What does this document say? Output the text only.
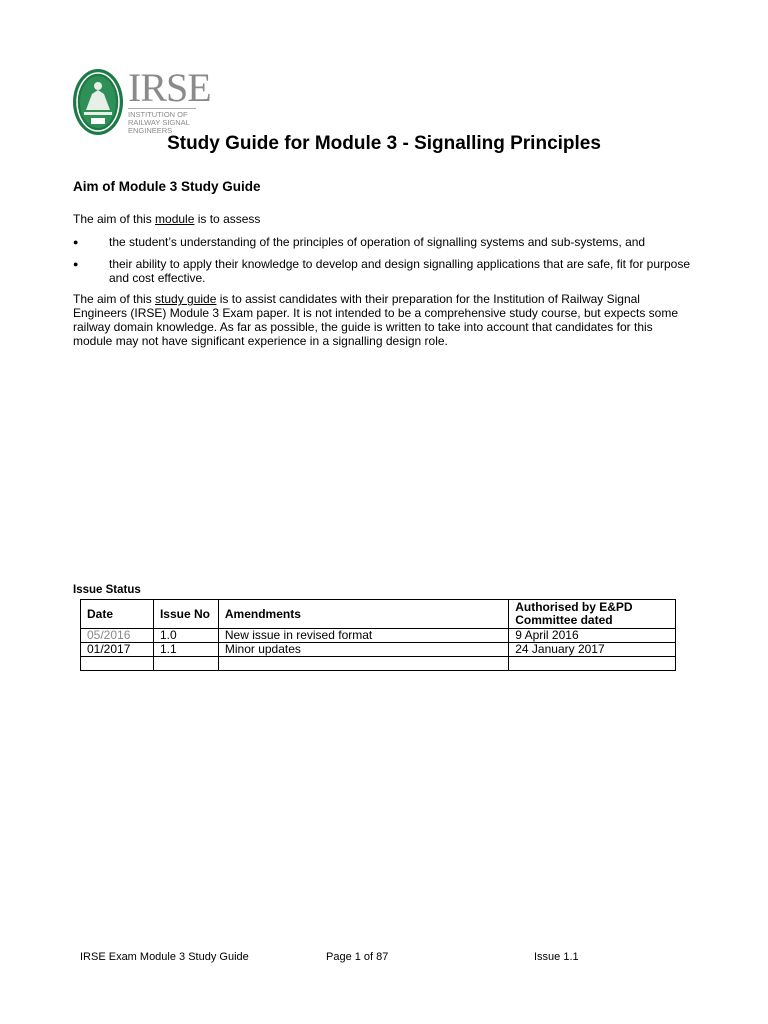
IRSE
INSTITUTION OF
RAILWAY SIGNAL
ENGINEERS
Study Guide for Module 3 - Signalling Principles
Aim of Module 3 Study Guide

The aim of this module is to assess

●	the student’s understanding of the principles of operation of signalling systems and sub-systems, and
●	their ability to apply their knowledge to develop and design signalling applications that are safe, fit for purpose and cost effective.

The aim of this study guide is to assist candidates with their preparation for the Institution of Railway Signal Engineers (IRSE) Module 3 Exam paper. It is not intended to be a comprehensive study course, but expects some railway domain knowledge. As far as possible, the guide is written to take into account that candidates for this module may not have significant experience in a signalling design role.

Issue Status

Date	Issue No	Amendments	Authorised by E&PD Committee dated
05/2016	1.0	New issue in revised format	9 April 2016
01/2017	1.1	Minor updates	24 January 2017

IRSE Exam Module 3 Study Guide	Page 1 of 87	Issue 1.1
